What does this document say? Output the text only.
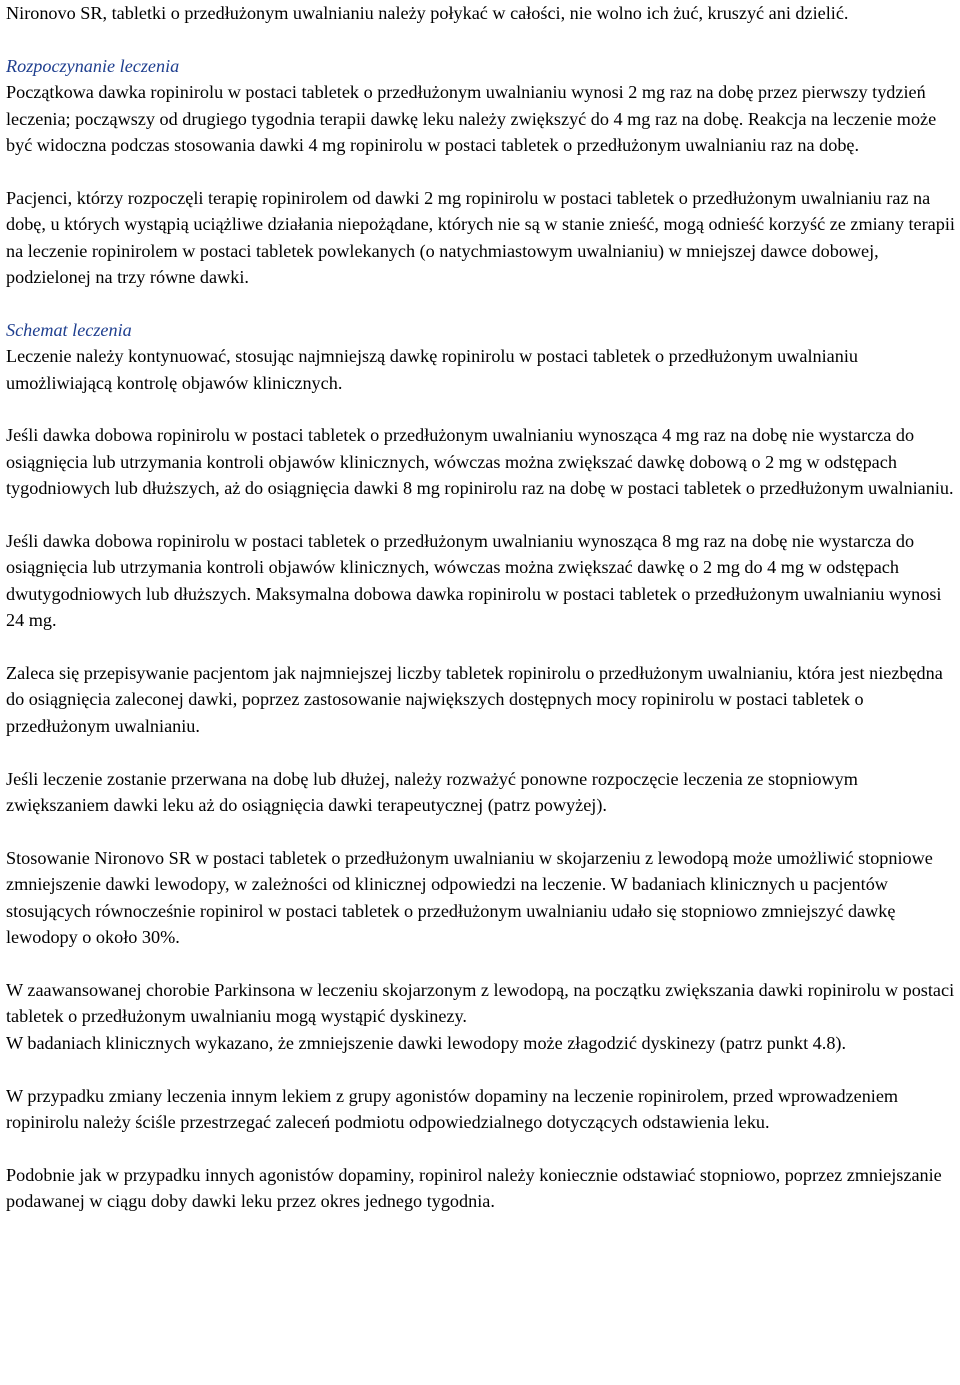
Nironovo SR, tabletki o przedłużonym uwalnianiu należy połykać w całości, nie wolno ich żuć, kruszyć ani dzielić.

Rozpoczynanie leczenia
Początkowa dawka ropinirolu w postaci tabletek o przedłużonym uwalnianiu wynosi 2 mg raz na dobę przez pierwszy tydzień leczenia; począwszy od drugiego tygodnia terapii dawkę leku należy zwiększyć do 4 mg raz na dobę. Reakcja na leczenie może być widoczna podczas stosowania dawki 4 mg ropinirolu w postaci tabletek o przedłużonym uwalnianiu raz na dobę.

Pacjenci, którzy rozpoczęli terapię ropinirolem od dawki 2 mg ropinirolu w postaci tabletek o przedłużonym uwalnianiu raz na dobę, u których wystąpią uciążliwe działania niepożądane, których nie są w stanie znieść, mogą odnieść korzyść ze zmiany terapii na leczenie ropinirolem w postaci tabletek powlekanych (o natychmiastowym uwalnianiu) w mniejszej dawce dobowej, podzielonej na trzy równe dawki.

Schemat leczenia
Leczenie należy kontynuować, stosując najmniejszą dawkę ropinirolu w postaci tabletek o przedłużonym uwalnianiu umożliwiającą kontrolę objawów klinicznych.

Jeśli dawka dobowa ropinirolu w postaci tabletek o przedłużonym uwalnianiu wynosząca 4 mg raz na dobę nie wystarcza do osiągnięcia lub utrzymania kontroli objawów klinicznych, wówczas można zwiększać dawkę dobową o 2 mg w odstępach tygodniowych lub dłuższych, aż do osiągnięcia dawki 8 mg ropinirolu raz na dobę w postaci tabletek o przedłużonym uwalnianiu.

Jeśli dawka dobowa ropinirolu w postaci tabletek o przedłużonym uwalnianiu wynosząca 8 mg raz na dobę nie wystarcza do osiągnięcia lub utrzymania kontroli objawów klinicznych, wówczas można zwiększać dawkę o 2 mg do 4 mg w odstępach dwutygodniowych lub dłuższych. Maksymalna dobowa dawka ropinirolu w postaci tabletek o przedłużonym uwalnianiu wynosi 24 mg.

Zaleca się przepisywanie pacjentom jak najmniejszej liczby tabletek ropinirolu o przedłużonym uwalnianiu, która jest niezbędna do osiągnięcia zaleconej dawki, poprzez zastosowanie największych dostępnych mocy ropinirolu w postaci tabletek o przedłużonym uwalnianiu.

Jeśli leczenie zostanie przerwana na dobę lub dłużej, należy rozważyć ponowne rozpoczęcie leczenia ze stopniowym zwiększaniem dawki leku aż do osiągnięcia dawki terapeutycznej (patrz powyżej).

Stosowanie Nironovo SR w postaci tabletek o przedłużonym uwalnianiu w skojarzeniu z lewodopą może umożliwić stopniowe zmniejszenie dawki lewodopy, w zależności od klinicznej odpowiedzi na leczenie. W badaniach klinicznych u pacjentów stosujących równocześnie ropinirol w postaci tabletek o przedłużonym uwalnianiu udało się stopniowo zmniejszyć dawkę lewodopy o około 30%.

W zaawansowanej chorobie Parkinsona w leczeniu skojarzonym z lewodopą, na początku zwiększania dawki ropinirolu w postaci tabletek o przedłużonym uwalnianiu mogą wystąpić dyskinezy.

W badaniach klinicznych wykazano, że zmniejszenie dawki lewodopy może złagodzić dyskinezy (patrz punkt 4.8).

W przypadku zmiany leczenia innym lekiem z grupy agonistów dopaminy na leczenie ropinirolem, przed wprowadzeniem ropinirolu należy ściśle przestrzegać zaleceń podmiotu odpowiedzialnego dotyczących odstawienia leku.

Podobnie jak w przypadku innych agonistów dopaminy, ropinirol należy koniecznie odstawiać stopniowo, poprzez zmniejszanie podawanej w ciągu doby dawki leku przez okres jednego tygodnia.
